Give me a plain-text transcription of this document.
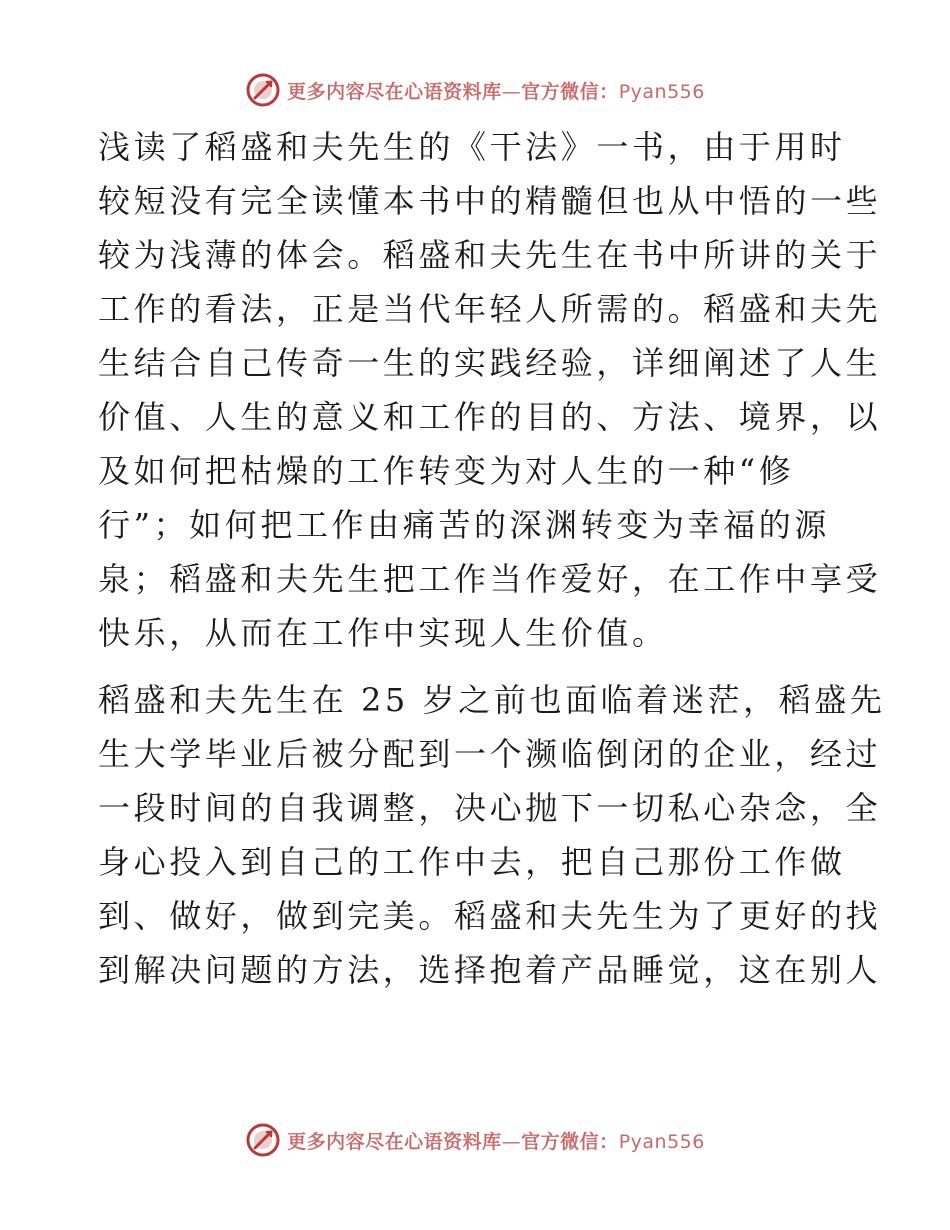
更多内容尽在心语资料库—官方微信：Pyan556

浅读了稻盛和夫先生的《干法》一书，由于用时
较短没有完全读懂本书中的精髓但也从中悟的一些
较为浅薄的体会。稻盛和夫先生在书中所讲的关于
工作的看法，正是当代年轻人所需的。稻盛和夫先
生结合自己传奇一生的实践经验，详细阐述了人生
价值、人生的意义和工作的目的、方法、境界，以
及如何把枯燥的工作转变为对人生的一种“修
行”；如何把工作由痛苦的深渊转变为幸福的源
泉；稻盛和夫先生把工作当作爱好，在工作中享受
快乐，从而在工作中实现人生价值。

稻盛和夫先生在 25 岁之前也面临着迷茫，稻盛先
生大学毕业后被分配到一个濒临倒闭的企业，经过
一段时间的自我调整，决心抛下一切私心杂念，全
身心投入到自己的工作中去，把自己那份工作做
到、做好，做到完美。稻盛和夫先生为了更好的找
到解决问题的方法，选择抱着产品睡觉，这在别人

更多内容尽在心语资料库—官方微信：Pyan556
